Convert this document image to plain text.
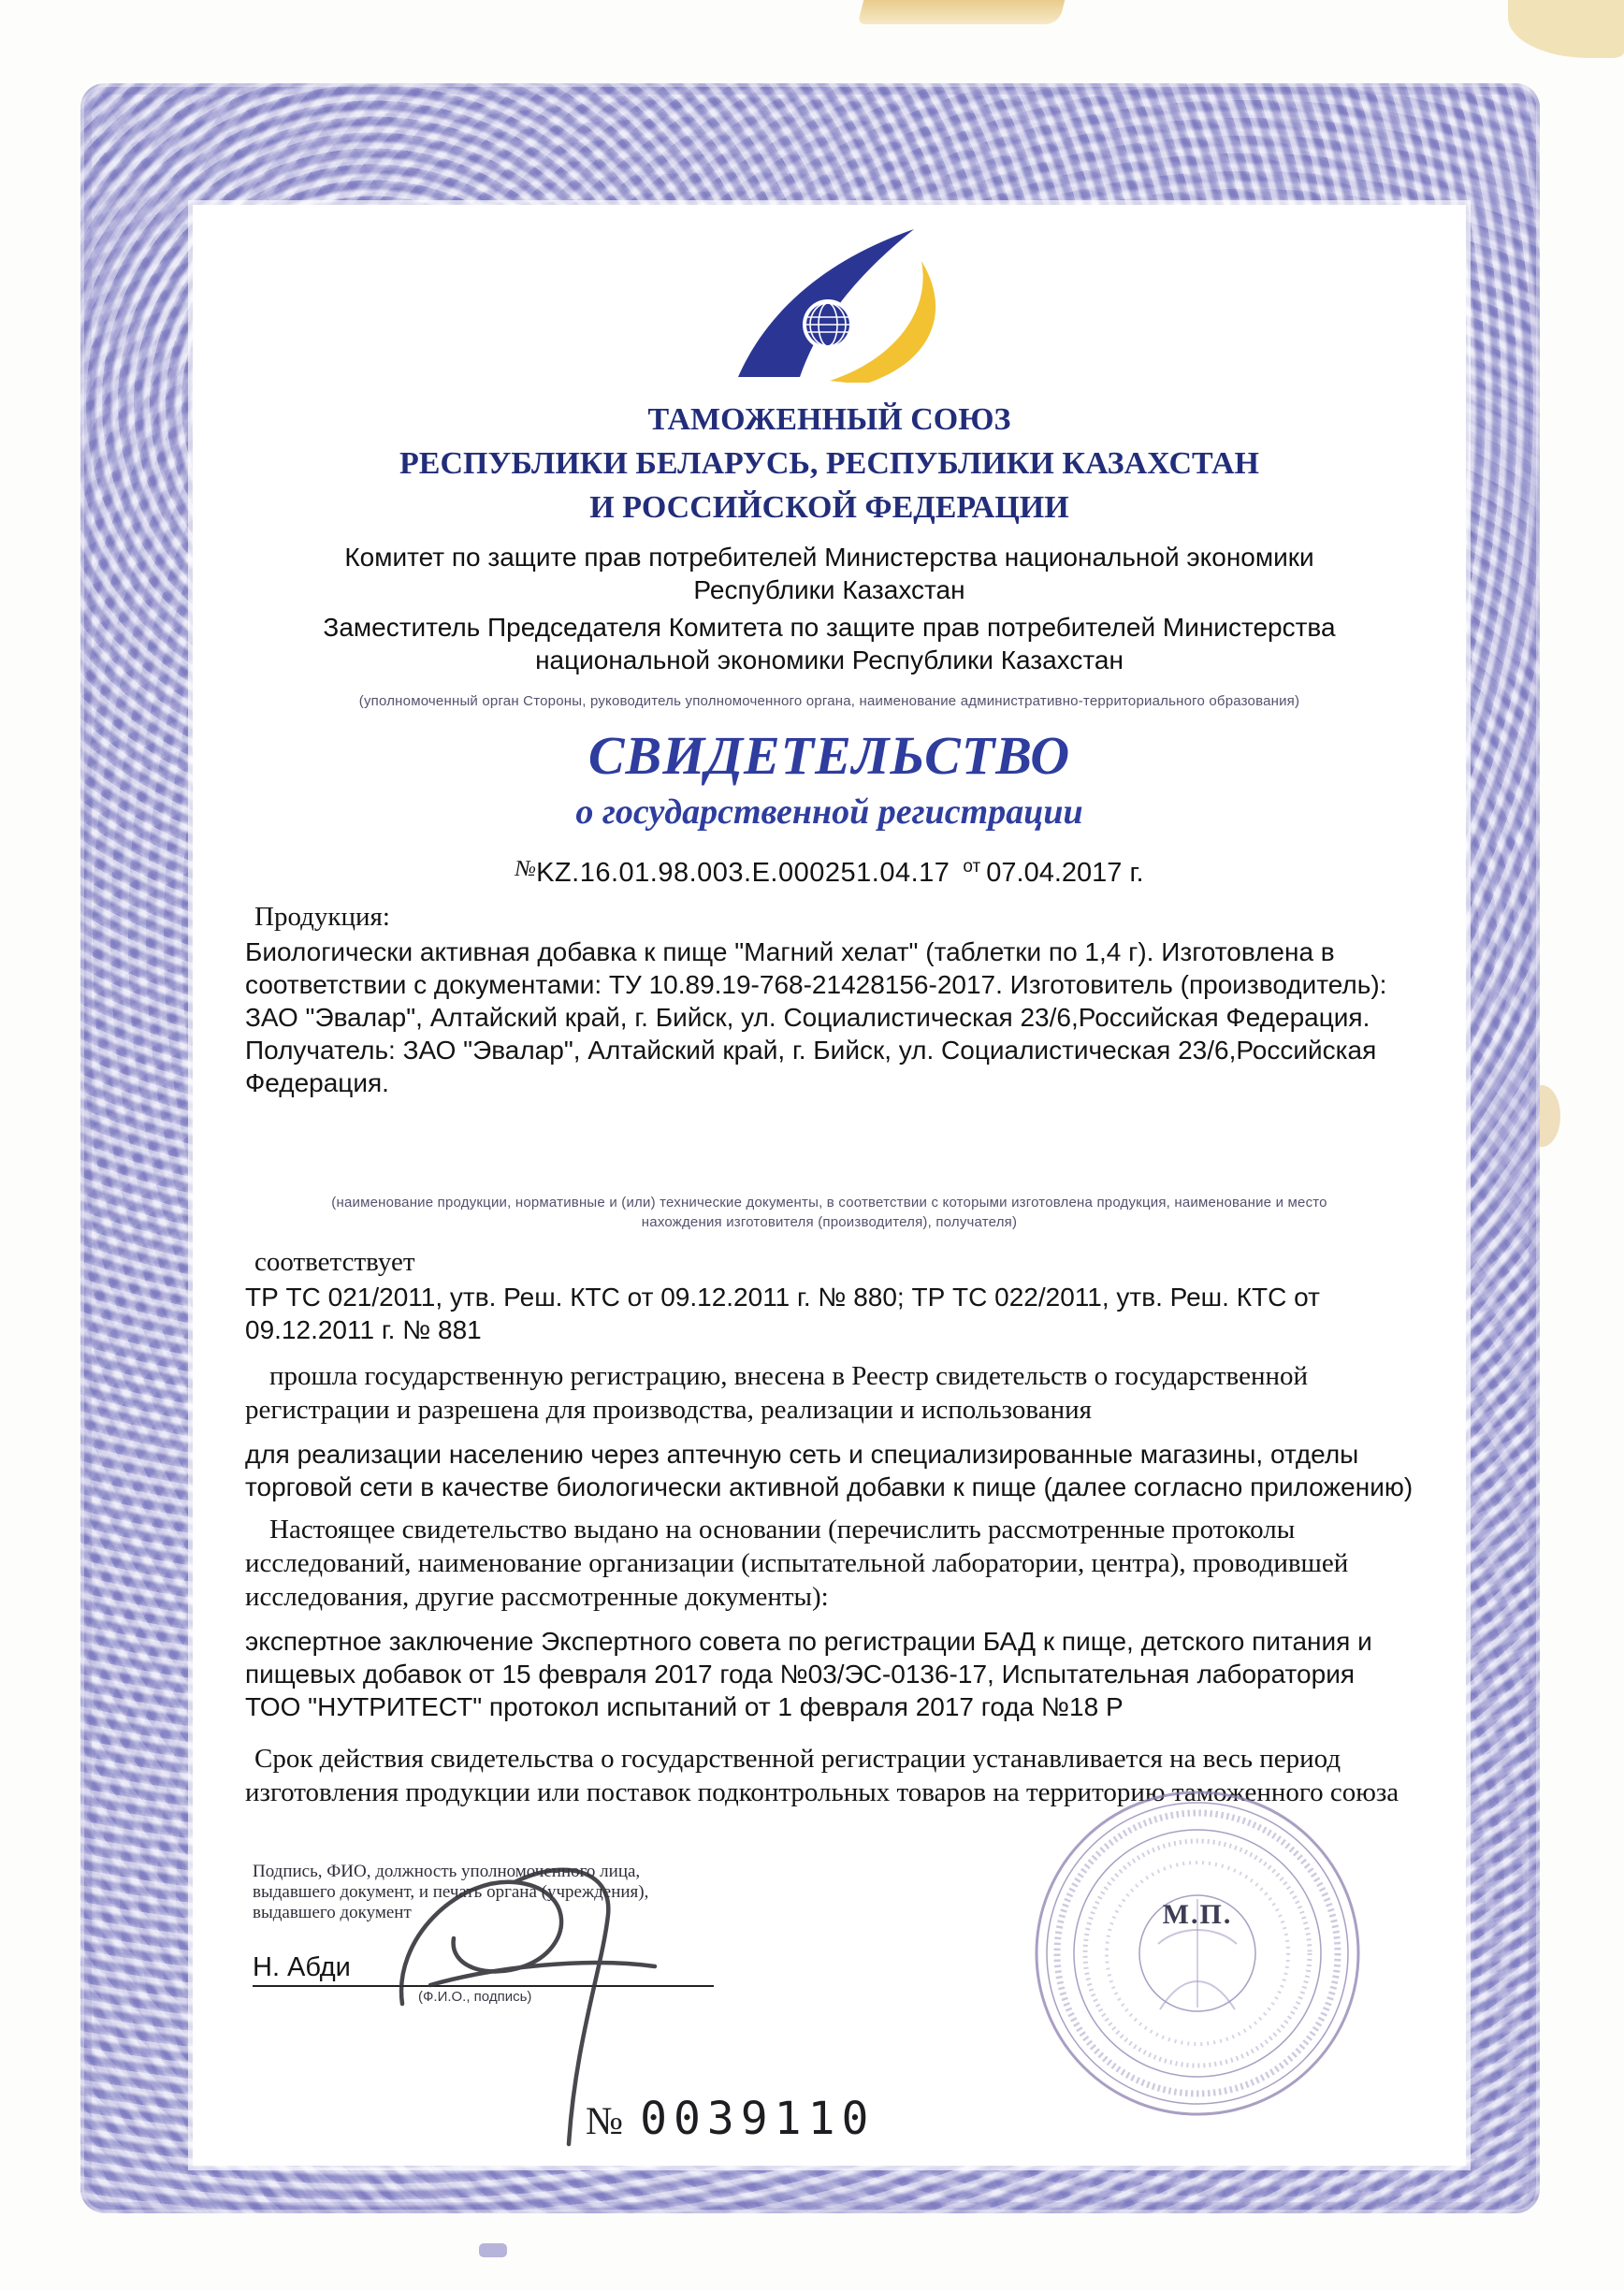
ТАМОЖЕННЫЙ СОЮЗ
РЕСПУБЛИКИ БЕЛАРУСЬ, РЕСПУБЛИКИ КАЗАХСТАН
И РОССИЙСКОЙ ФЕДЕРАЦИИ
Комитет по защите прав потребителей Министерства национальной экономики Республики Казахстан
Заместитель Председателя Комитета по защите прав потребителей Министерства национальной экономики Республики Казахстан
(уполномоченный орган Стороны, руководитель уполномоченного органа, наименование административно-территориального образования)
СВИДЕТЕЛЬСТВО
о государственной регистрации
№KZ.16.01.98.003.E.000251.04.17 от 07.04.2017 г.
Продукция:
Биологически активная добавка к пище "Магний хелат" (таблетки по 1,4 г). Изготовлена в соответствии с документами: ТУ 10.89.19-768-21428156-2017. Изготовитель (производитель): ЗАО "Эвалар", Алтайский край, г. Бийск, ул. Социалистическая 23/6,Российская Федерация. Получатель: ЗАО "Эвалар", Алтайский край, г. Бийск, ул. Социалистическая 23/6,Российская Федерация.
(наименование продукции, нормативные и (или) технические документы, в соответствии с которыми изготовлена продукция, наименование и место нахождения изготовителя (производителя), получателя)
соответствует
ТР ТС 021/2011, утв. Реш. КТС от 09.12.2011 г. № 880; ТР ТС 022/2011, утв. Реш. КТС от 09.12.2011 г. № 881
прошла государственную регистрацию, внесена в Реестр свидетельств о государственной регистрации и разрешена для производства, реализации и использования
для реализации населению через аптечную сеть и специализированные магазины, отделы торговой сети в качестве биологически активной добавки к пище (далее согласно приложению)
Настоящее свидетельство выдано на основании (перечислить рассмотренные протоколы исследований, наименование организации (испытательной лаборатории, центра), проводившей исследования, другие рассмотренные документы):
экспертное заключение Экспертного совета по регистрации БАД к пище, детского питания и пищевых добавок от 15 февраля 2017 года №03/ЭС-0136-17, Испытательная лаборатория ТОО "НУТРИТЕСТ" протокол испытаний от 1 февраля 2017 года №18 Р
Срок действия свидетельства о государственной регистрации устанавливается на весь период изготовления продукции или поставок подконтрольных товаров на территорию таможенного союза
Подпись, ФИО, должность уполномоченного лица,
выдавшего документ, и печать органа (учреждения),
выдавшего документ
Н. Абди
(Ф.И.О., подпись)
№ 0039110
М.П.
